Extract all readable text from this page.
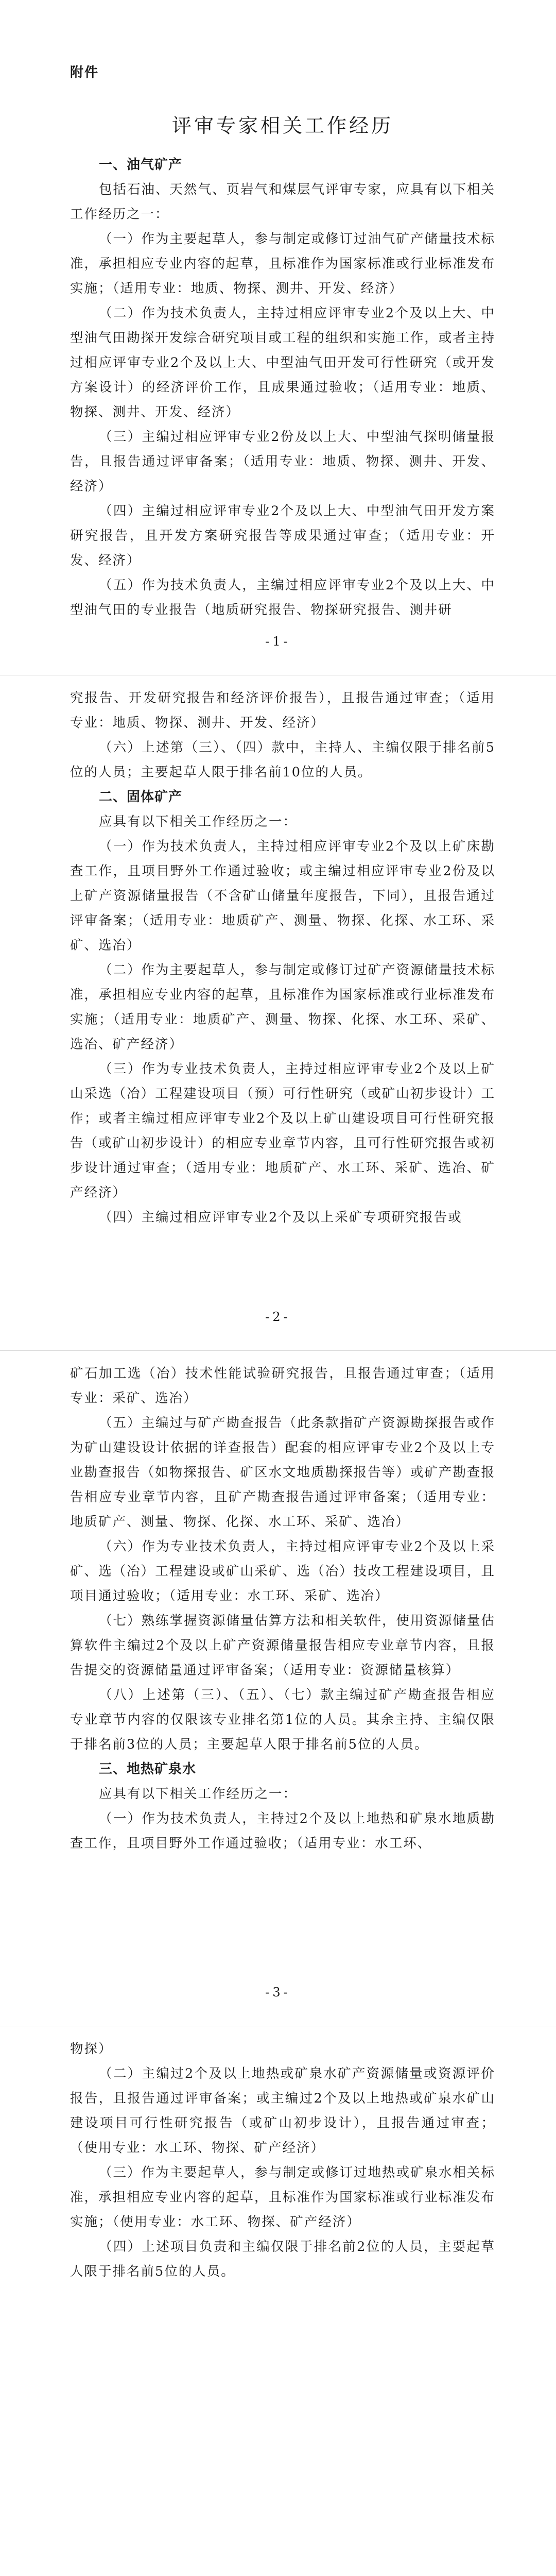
附件
评审专家相关工作经历
一、油气矿产

包括石油、天然气、页岩气和煤层气评审专家，应具有以下相关工作经历之一：

（一）作为主要起草人，参与制定或修订过油气矿产储量技术标准，承担相应专业内容的起草，且标准作为国家标准或行业标准发布实施；（适用专业：地质、物探、测井、开发、经济）

（二）作为技术负责人，主持过相应评审专业2个及以上大、中型油气田勘探开发综合研究项目或工程的组织和实施工作，或者主持过相应评审专业2个及以上大、中型油气田开发可行性研究（或开发方案设计）的经济评价工作，且成果通过验收；（适用专业：地质、物探、测井、开发、经济）

（三）主编过相应评审专业2份及以上大、中型油气探明储量报告，且报告通过评审备案；（适用专业：地质、物探、测井、开发、经济）

（四）主编过相应评审专业2个及以上大、中型油气田开发方案研究报告，且开发方案研究报告等成果通过审查；（适用专业：开发、经济）

（五）作为技术负责人，主编过相应评审专业2个及以上大、中型油气田的专业报告（地质研究报告、物探研究报告、测井研

-1-

究报告、开发研究报告和经济评价报告），且报告通过审查；（适用专业：地质、物探、测井、开发、经济）

（六）上述第（三）、（四）款中，主持人、主编仅限于排名前5位的人员；主要起草人限于排名前10位的人员。

二、固体矿产

应具有以下相关工作经历之一：

（一）作为技术负责人，主持过相应评审专业2个及以上矿床勘查工作，且项目野外工作通过验收；或主编过相应评审专业2份及以上矿产资源储量报告（不含矿山储量年度报告，下同），且报告通过评审备案；（适用专业：地质矿产、测量、物探、化探、水工环、采矿、选冶）

（二）作为主要起草人，参与制定或修订过矿产资源储量技术标准，承担相应专业内容的起草，且标准作为国家标准或行业标准发布实施；（适用专业：地质矿产、测量、物探、化探、水工环、采矿、选冶、矿产经济）

（三）作为专业技术负责人，主持过相应评审专业2个及以上矿山采选（冶）工程建设项目（预）可行性研究（或矿山初步设计）工作；或者主编过相应评审专业2个及以上矿山建设项目可行性研究报告（或矿山初步设计）的相应专业章节内容，且可行性研究报告或初步设计通过审查；（适用专业：地质矿产、水工环、采矿、选冶、矿产经济）

（四）主编过相应评审专业2个及以上采矿专项研究报告或

-2-

矿石加工选（冶）技术性能试验研究报告，且报告通过审查；（适用专业：采矿、选冶）

（五）主编过与矿产勘查报告（此条款指矿产资源勘探报告或作为矿山建设设计依据的详查报告）配套的相应评审专业2个及以上专业勘查报告（如物探报告、矿区水文地质勘探报告等）或矿产勘查报告相应专业章节内容，且矿产勘查报告通过评审备案；（适用专业：地质矿产、测量、物探、化探、水工环、采矿、选冶）

（六）作为专业技术负责人，主持过相应评审专业2个及以上采矿、选（冶）工程建设或矿山采矿、选（冶）技改工程建设项目，且项目通过验收；（适用专业：水工环、采矿、选冶）

（七）熟练掌握资源储量估算方法和相关软件，使用资源储量估算软件主编过2个及以上矿产资源储量报告相应专业章节内容，且报告提交的资源储量通过评审备案；（适用专业：资源储量核算）

（八）上述第（三）、（五）、（七）款主编过矿产勘查报告相应专业章节内容的仅限该专业排名第1位的人员。其余主持、主编仅限于排名前3位的人员；主要起草人限于排名前5位的人员。

三、地热矿泉水

应具有以下相关工作经历之一：

（一）作为技术负责人，主持过2个及以上地热和矿泉水地质勘查工作，且项目野外工作通过验收；（适用专业：水工环、

-3-

物探）

（二）主编过2个及以上地热或矿泉水矿产资源储量或资源评价报告，且报告通过评审备案；或主编过2个及以上地热或矿泉水矿山建设项目可行性研究报告（或矿山初步设计），且报告通过审查；（使用专业：水工环、物探、矿产经济）

（三）作为主要起草人，参与制定或修订过地热或矿泉水相关标准，承担相应专业内容的起草，且标准作为国家标准或行业标准发布实施；（使用专业：水工环、物探、矿产经济）

（四）上述项目负责和主编仅限于排名前2位的人员，主要起草人限于排名前5位的人员。
